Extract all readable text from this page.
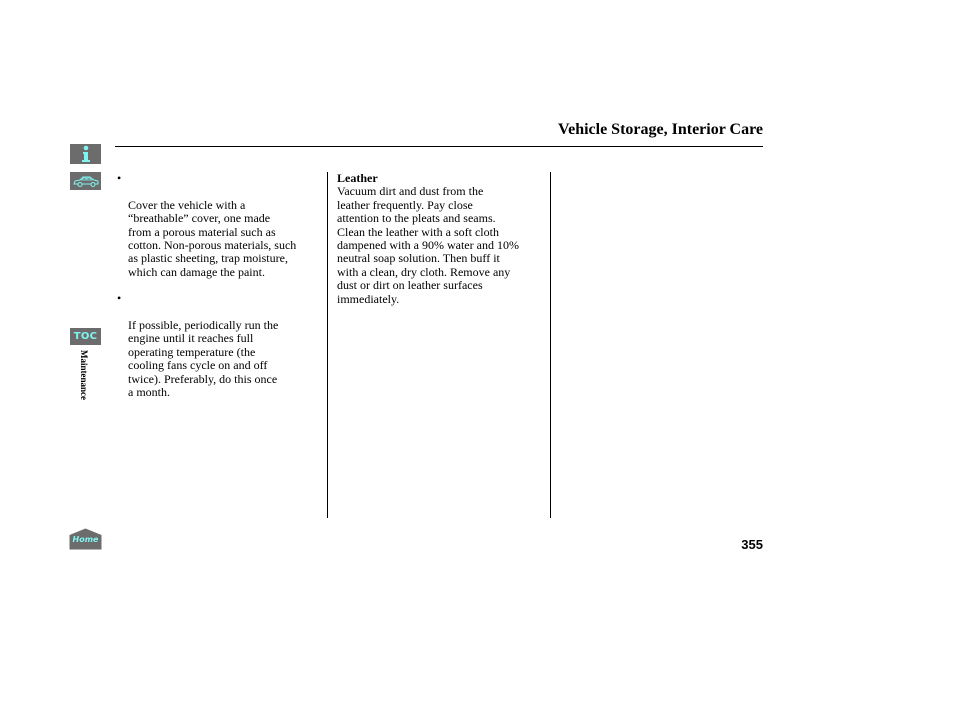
Vehicle Storage, Interior Care
TOC
Maintenance
Home

•

Cover the vehicle with a
“breathable” cover, one made
from a porous material such as
cotton. Non-porous materials, such
as plastic sheeting, trap moisture,
which can damage the paint.

•

If possible, periodically run the
engine until it reaches full
operating temperature (the
cooling fans cycle on and off
twice). Preferably, do this once
a month.

Leather
Vacuum dirt and dust from the
leather frequently. Pay close
attention to the pleats and seams.
Clean the leather with a soft cloth
dampened with a 90% water and 10%
neutral soap solution. Then buff it
with a clean, dry cloth. Remove any
dust or dirt on leather surfaces
immediately.
355
